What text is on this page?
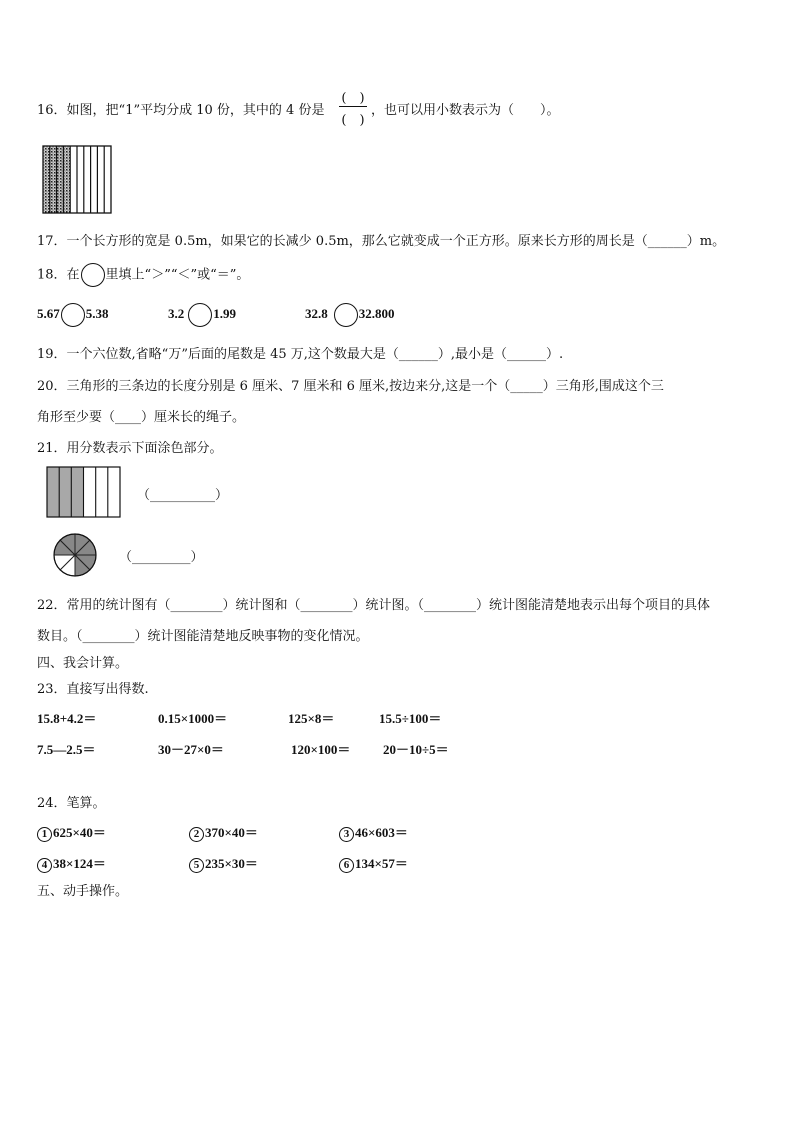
16．如图，把“1”平均分成 10 份，其中的 4 份是
(　)
(　)
，也可以用小数表示为（　　）。
17．一个长方形的宽是 0.5m，如果它的长减少 0.5m，那么它就变成一个正方形。原来长方形的周长是（______）m。
18．在 里填上“＞”“＜”或“＝”。
5.67 5.38	3.2 1.99	32.8 32.800
19．一个六位数,省略“万”后面的尾数是 45 万,这个数最大是（______）,最小是（______）.
20．三角形的三条边的长度分别是 6 厘米、7 厘米和 6 厘米,按边来分,这是一个（_____）三角形,围成这个三
角形至少要（____）厘米长的绳子。
21．用分数表示下面涂色部分。
（__________）
（_________）
22．常用的统计图有（________）统计图和（________）统计图。（________）统计图能清楚地表示出每个项目的具体
数目。（________）统计图能清楚地反映事物的变化情况。
四、我会计算。
23．直接写出得数.
15.8+4.2＝	0.15×1000＝	125×8＝	15.5÷100＝
7.5—2.5＝	30－27×0＝	120×100＝	20－10÷5＝
24．笔算。
1 625×40＝	2 370×40＝	3 46×603＝
4 38×124＝	5 235×30＝	6 134×57＝
五、动手操作。
